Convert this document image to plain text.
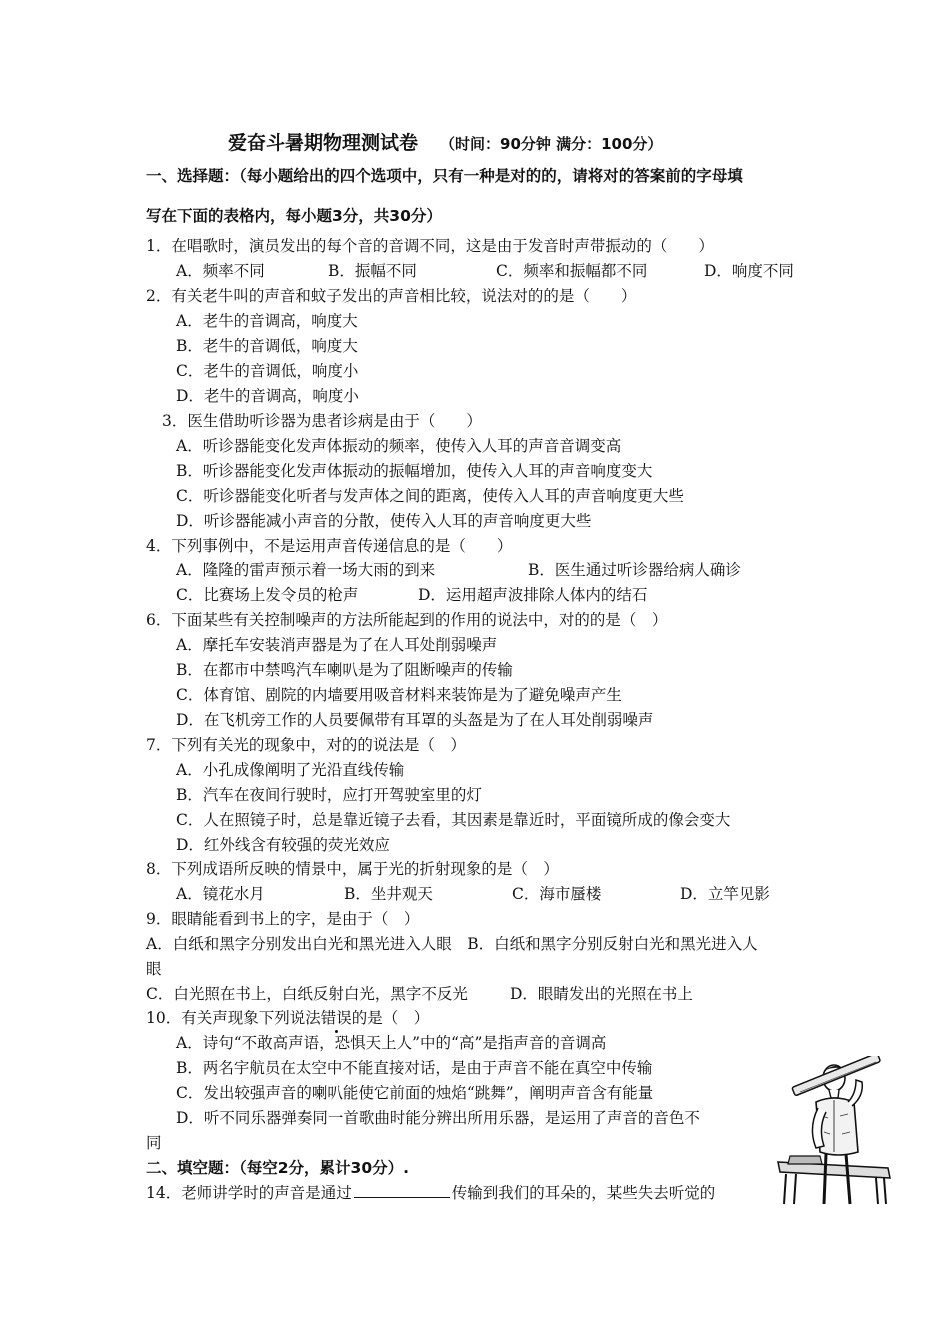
爱奋斗暑期物理测试卷 （时间：90分钟 满分：100分）
一、选择题：（每小题给出的四个选项中，只有一种是对的的，请将对的答案前的字母填
写在下面的表格内，每小题3分，共30分）
1．在唱歌时，演员发出的每个音的音调不同，这是由于发音时声带振动的（　　）
A．频率不同	B．振幅不同	C．频率和振幅都不同	D．响度不同
2．有关老牛叫的声音和蚊子发出的声音相比较，说法对的的是（　　）
A．老牛的音调高，响度大
B．老牛的音调低，响度大
C．老牛的音调低，响度小
D．老牛的音调高，响度小
3．医生借助听诊器为患者诊病是由于（　　）
A．听诊器能变化发声体振动的频率，使传入人耳的声音音调变高
B．听诊器能变化发声体振动的振幅增加，使传入人耳的声音响度变大
C．听诊器能变化听者与发声体之间的距离，使传入人耳的声音响度更大些
D．听诊器能减小声音的分散，使传入人耳的声音响度更大些
4．下列事例中，不是运用声音传递信息的是（　　）
A．隆隆的雷声预示着一场大雨的到来	B．医生通过听诊器给病人确诊
C．比赛场上发令员的枪声	D．运用超声波排除人体内的结石
6．下面某些有关控制噪声的方法所能起到的作用的说法中，对的的是（　）
A．摩托车安装消声器是为了在人耳处削弱噪声
B．在都市中禁鸣汽车喇叭是为了阻断噪声的传输
C．体育馆、剧院的内墙要用吸音材料来装饰是为了避免噪声产生
D．在飞机旁工作的人员要佩带有耳罩的头盔是为了在人耳处削弱噪声
7．下列有关光的现象中，对的的说法是（　）
A．小孔成像阐明了光沿直线传输
B．汽车在夜间行驶时，应打开驾驶室里的灯
C．人在照镜子时，总是靠近镜子去看，其因素是靠近时，平面镜所成的像会变大
D．红外线含有较强的荧光效应
8．下列成语所反映的情景中，属于光的折射现象的是（　）
A．镜花水月	B．坐井观天	C．海市蜃楼	D．立竿见影
9．眼睛能看到书上的字，是由于（　）
A．白纸和黑字分别发出白光和黑光进入人眼　B．白纸和黑字分别反射白光和黑光进入人
眼
C．白光照在书上，白纸反射白光，黑字不反光	D．眼睛发出的光照在书上
10．有关声现象下列说法错误的是（　）
A．诗句“不敢高声语，恐惧天上人”中的“高”是指声音的音调高
B．两名宇航员在太空中不能直接对话，是由于声音不能在真空中传输
C．发出较强声音的喇叭能使它前面的烛焰“跳舞”，阐明声音含有能量
D．听不同乐器弹奏同一首歌曲时能分辨出所用乐器，是运用了声音的音色不
同
二、填空题：（每空2分，累计30分）.
14．老师讲学时的声音是通过	传输到我们的耳朵的，某些失去听觉的
